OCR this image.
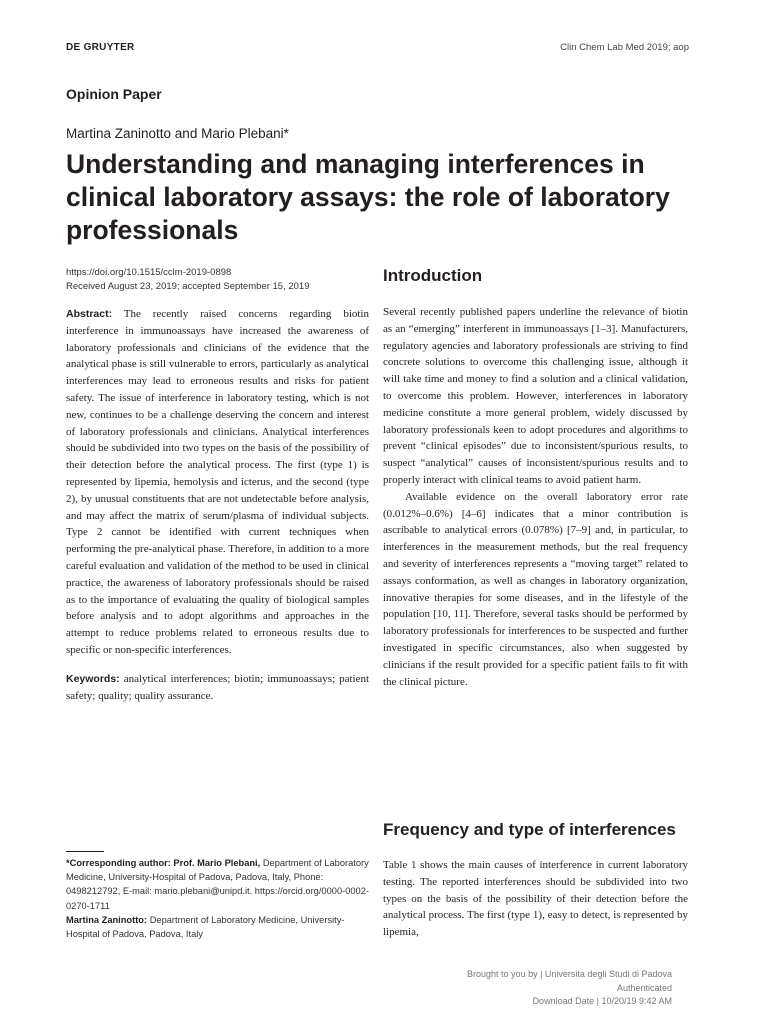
DE GRUYTER	Clin Chem Lab Med 2019; aop
Opinion Paper
Martina Zaninotto and Mario Plebani*
Understanding and managing interferences in clinical laboratory assays: the role of laboratory professionals
https://doi.org/10.1515/cclm-2019-0898
Received August 23, 2019; accepted September 15, 2019

Abstract: The recently raised concerns regarding biotin interference in immunoassays have increased the awareness of laboratory professionals and clinicians of the evidence that the analytical phase is still vulnerable to errors, particularly as analytical interferences may lead to erroneous results and risks for patient safety. The issue of interference in laboratory testing, which is not new, continues to be a challenge deserving the concern and interest of laboratory professionals and clinicians. Analytical interferences should be subdivided into two types on the basis of the possibility of their detection before the analytical process. The first (type 1) is represented by lipemia, hemolysis and icterus, and the second (type 2), by unusual constituents that are not undetectable before analysis, and may affect the matrix of serum/plasma of individual subjects. Type 2 cannot be identified with current techniques when performing the pre-analytical phase. Therefore, in addition to a more careful evaluation and validation of the method to be used in clinical practice, the awareness of laboratory professionals should be raised as to the importance of evaluating the quality of biological samples before analysis and to adopt algorithms and approaches in the attempt to reduce problems related to erroneous results due to specific or non-specific interferences.

Keywords: analytical interferences; biotin; immunoassays; patient safety; quality; quality assurance.

Introduction

Several recently published papers underline the relevance of biotin as an “emerging” interferent in immunoassays [1–3]. Manufacturers, regulatory agencies and laboratory professionals are striving to find concrete solutions to overcome this challenging issue, although it will take time and money to find a solution and a clinical validation, to overcome this problem. However, interferences in laboratory medicine constitute a more general problem, widely discussed by laboratory professionals keen to adopt procedures and algorithms to prevent “clinical episodes” due to inconsistent/spurious results, to suspect “analytical” causes of inconsistent/spurious results and to properly interact with clinical teams to avoid patient harm.

Available evidence on the overall laboratory error rate (0.012%–0.6%) [4–6] indicates that a minor contribution is ascribable to analytical errors (0.078%) [7–9] and, in particular, to interferences in the measurement methods, but the real frequency and severity of interferences represents a “moving target” related to assays conformation, as well as changes in laboratory organization, innovative therapies for some diseases, and in the lifestyle of the population [10, 11]. Therefore, several tasks should be performed by laboratory professionals for interferences to be suspected and further investigated in specific circumstances, also when suggested by clinicians if the result provided for a specific patient fails to fit with the clinical picture.

Frequency and type of interferences

Table 1 shows the main causes of interference in current laboratory testing. The reported interferences should be subdivided into two types on the basis of the possibility of their detection before the analytical process. The first (type 1), easy to detect, is represented by lipemia,

*Corresponding author: Prof. Mario Plebani, Department of Laboratory Medicine, University-Hospital of Padova, Padova, Italy, Phone: 0498212792, E-mail: mario.plebani@unipd.it. https://orcid.org/0000-0002-0270-1711
Martina Zaninotto: Department of Laboratory Medicine, University-Hospital of Padova, Padova, Italy
Brought to you by | Universita degli Studi di Padova
Authenticated
Download Date | 10/20/19 9:42 AM
